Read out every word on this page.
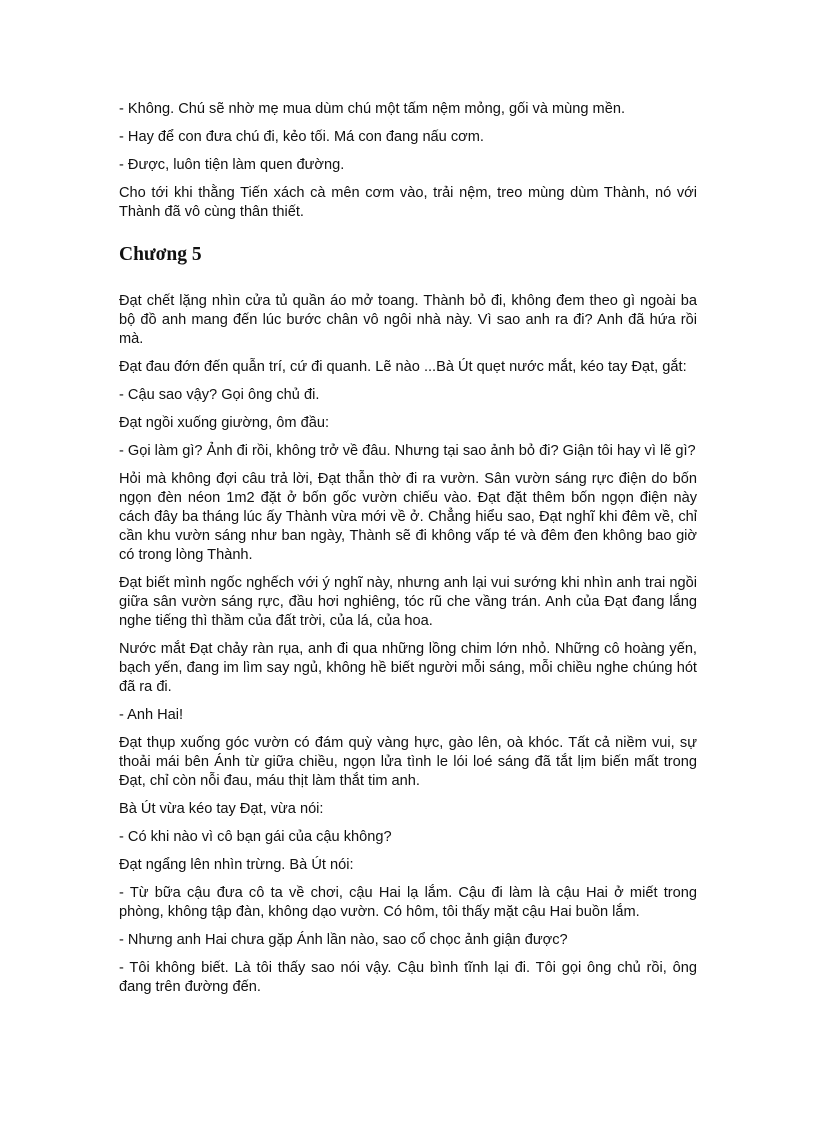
- Không. Chú sẽ nhờ mẹ mua dùm chú một tấm nệm mỏng, gối và mùng mền.

- Hay để con đưa chú đi, kẻo tối. Má con đang nấu cơm.

- Được, luôn tiện làm quen đường.

Cho tới khi thằng Tiến xách cà mên cơm vào, trải nệm, treo mùng dùm Thành, nó với Thành đã vô cùng thân thiết.

Chương 5

Đạt chết lặng nhìn cửa tủ quần áo mở toang. Thành bỏ đi, không đem theo gì ngoài ba bộ đồ anh mang đến lúc bước chân vô ngôi nhà này. Vì sao anh ra đi? Anh đã hứa rồi mà.

Đạt đau đớn đến quẫn trí, cứ đi quanh. Lẽ nào ...Bà Út quẹt nước mắt, kéo tay Đạt, gắt:

- Cậu sao vậy? Gọi ông chủ đi.

Đạt ngồi xuống giường, ôm đầu:

- Gọi làm gì? Ảnh đi rồi, không trở về đâu. Nhưng tại sao ảnh bỏ đi? Giận tôi hay vì lẽ gì?

Hỏi mà không đợi câu trả lời, Đạt thẫn thờ đi ra vườn. Sân vườn sáng rực điện do bốn ngọn đèn néon 1m2 đặt ở bốn gốc vườn chiếu vào. Đạt đặt thêm bốn ngọn điện này cách đây ba tháng lúc ấy Thành vừa mới về ở. Chẳng hiểu sao, Đạt nghĩ khi đêm về, chỉ cần khu vườn sáng như ban ngày, Thành sẽ đi không vấp té và đêm đen không bao giờ có trong lòng Thành.

Đạt biết mình ngốc nghếch với ý nghĩ này, nhưng anh lại vui sướng khi nhìn anh trai ngồi giữa sân vườn sáng rực, đầu hơi nghiêng, tóc rũ che vầng trán. Anh của Đạt đang lắng nghe tiếng thì thầm của đất trời, của lá, của hoa.

Nước mắt Đạt chảy ràn rụa, anh đi qua những lồng chim lớn nhỏ. Những cô hoàng yến, bạch yến, đang im lìm say ngủ, không hề biết người mỗi sáng, mỗi chiều nghe chúng hót đã ra đi.

- Anh Hai!

Đạt thụp xuống góc vườn có đám quỳ vàng hực, gào lên, oà khóc. Tất cả niềm vui, sự thoải mái bên Ánh từ giữa chiều, ngọn lửa tình le lói loé sáng đã tắt lịm biến mất trong Đạt, chỉ còn nỗi đau, máu thịt làm thắt tim anh.

Bà Út vừa kéo tay Đạt, vừa nói:

- Có khi nào vì cô bạn gái của cậu không?

Đạt ngẩng lên nhìn trừng. Bà Út nói:

- Từ bữa cậu đưa cô ta về chơi, cậu Hai lạ lắm. Cậu đi làm là cậu Hai ở miết trong phòng, không tập đàn, không dạo vườn. Có hôm, tôi thấy mặt cậu Hai buồn lắm.

- Nhưng anh Hai chưa gặp Ánh lần nào, sao cổ chọc ảnh giận được?

- Tôi không biết. Là tôi thấy sao nói vậy. Cậu bình tĩnh lại đi. Tôi gọi ông chủ rồi, ông đang trên đường đến.
